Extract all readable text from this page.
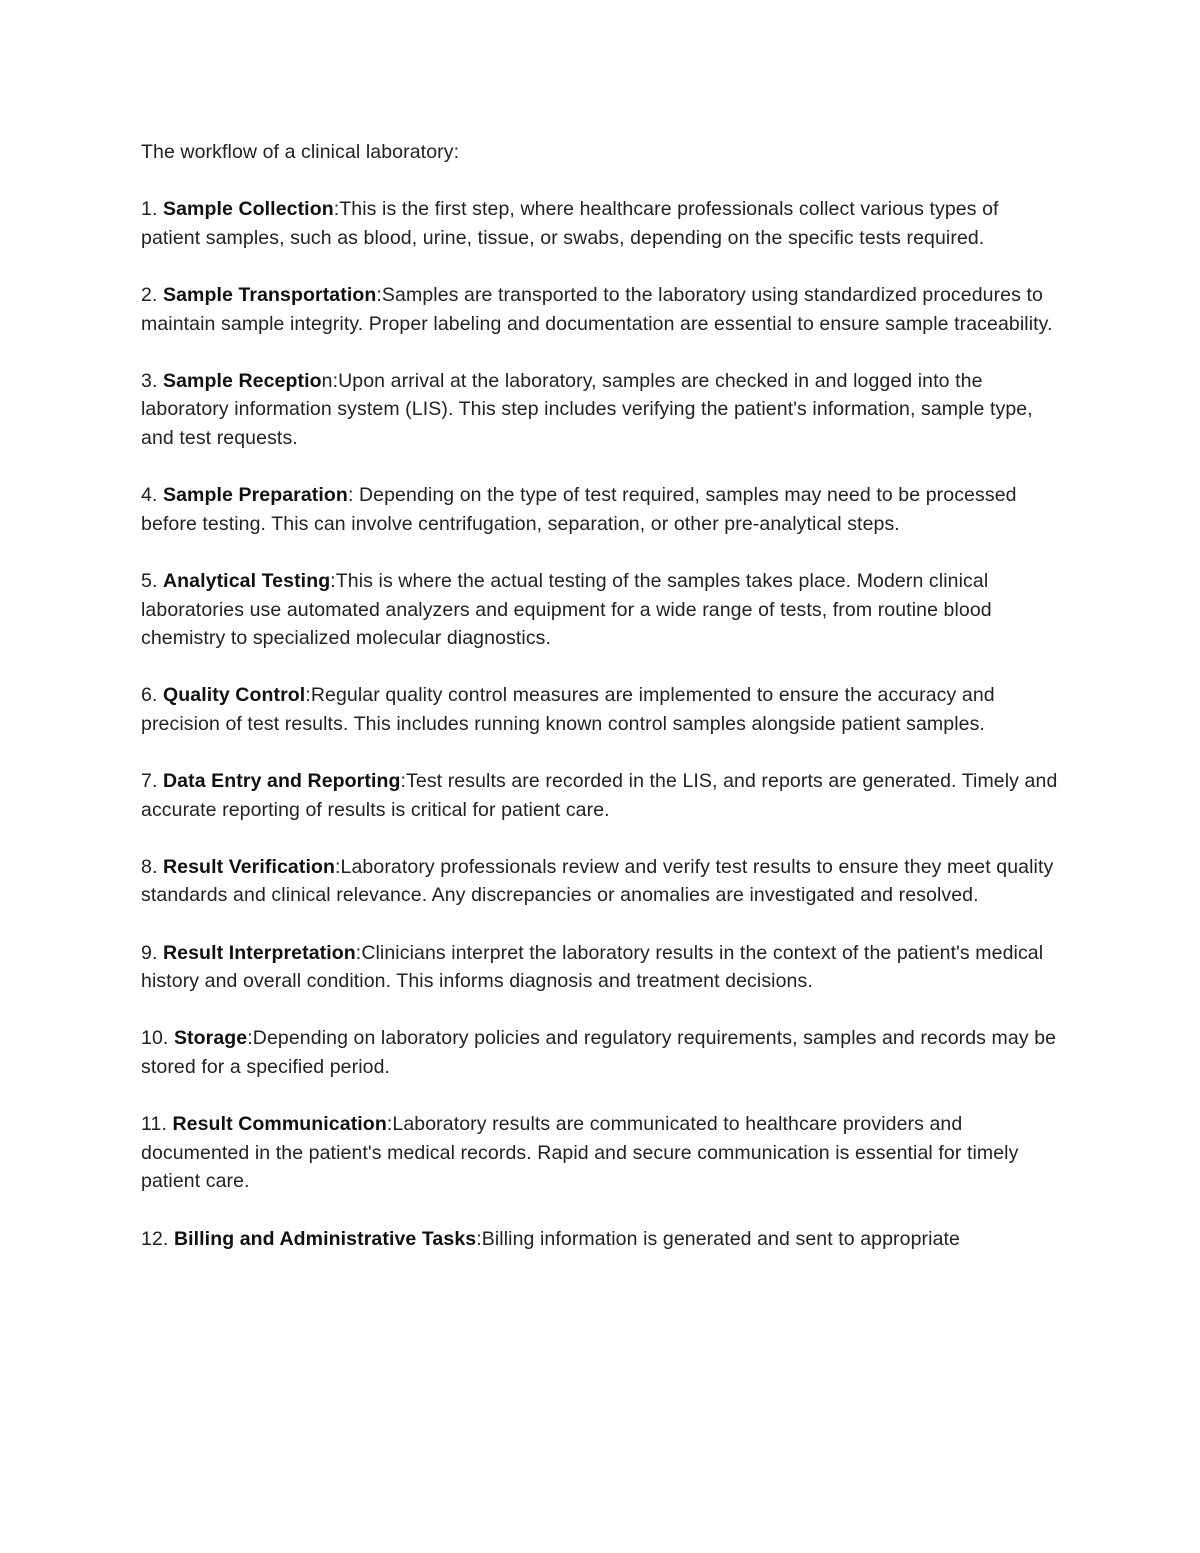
The workflow of a clinical laboratory:

1. Sample Collection:This is the first step, where healthcare professionals collect various types of patient samples, such as blood, urine, tissue, or swabs, depending on the specific tests required.

2. Sample Transportation:Samples are transported to the laboratory using standardized procedures to maintain sample integrity. Proper labeling and documentation are essential to ensure sample traceability.

3. Sample Reception:Upon arrival at the laboratory, samples are checked in and logged into the laboratory information system (LIS). This step includes verifying the patient's information, sample type, and test requests.

4. Sample Preparation: Depending on the type of test required, samples may need to be processed before testing. This can involve centrifugation, separation, or other pre-analytical steps.

5. Analytical Testing:This is where the actual testing of the samples takes place. Modern clinical laboratories use automated analyzers and equipment for a wide range of tests, from routine blood chemistry to specialized molecular diagnostics.

6. Quality Control:Regular quality control measures are implemented to ensure the accuracy and precision of test results. This includes running known control samples alongside patient samples.

7. Data Entry and Reporting:Test results are recorded in the LIS, and reports are generated. Timely and accurate reporting of results is critical for patient care.

8. Result Verification:Laboratory professionals review and verify test results to ensure they meet quality standards and clinical relevance. Any discrepancies or anomalies are investigated and resolved.

9. Result Interpretation:Clinicians interpret the laboratory results in the context of the patient's medical history and overall condition. This informs diagnosis and treatment decisions.

10. Storage:Depending on laboratory policies and regulatory requirements, samples and records may be stored for a specified period.

11. Result Communication:Laboratory results are communicated to healthcare providers and documented in the patient's medical records. Rapid and secure communication is essential for timely patient care.

12. Billing and Administrative Tasks:Billing information is generated and sent to appropriate
